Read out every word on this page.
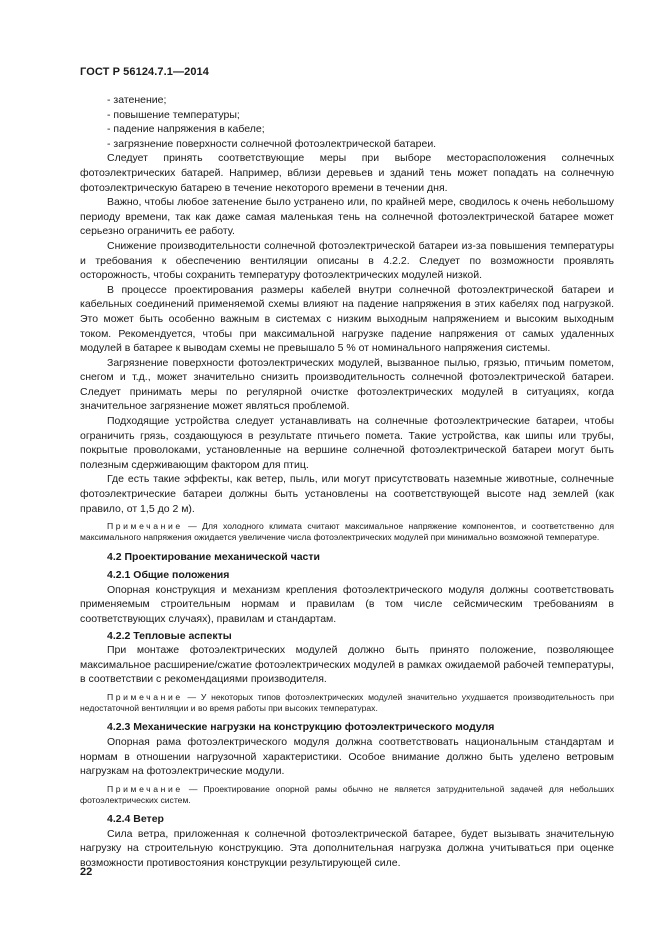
ГОСТ Р 56124.7.1—2014

- затенение;

- повышение температуры;

- падение напряжения в кабеле;

- загрязнение поверхности солнечной фотоэлектрической батареи.

Следует принять соответствующие меры при выборе месторасположения солнечных фотоэлектрических батарей. Например, вблизи деревьев и зданий тень может попадать на солнечную фотоэлектрическую батарею в течение некоторого времени в течении дня.

Важно, чтобы любое затенение было устранено или, по крайней мере, сводилось к очень небольшому периоду времени, так как даже самая маленькая тень на солнечной фотоэлектрической батарее может серьезно ограничить ее работу.

Снижение производительности солнечной фотоэлектрической батареи из-за повышения температуры и требования к обеспечению вентиляции описаны в 4.2.2. Следует по возможности проявлять осторожность, чтобы сохранить температуру фотоэлектрических модулей низкой.

В процессе проектирования размеры кабелей внутри солнечной фотоэлектрической батареи и кабельных соединений применяемой схемы влияют на падение напряжения в этих кабелях под нагрузкой. Это может быть особенно важным в системах с низким выходным напряжением и высоким выходным током. Рекомендуется, чтобы при максимальной нагрузке падение напряжения от самых удаленных модулей в батарее к выводам схемы не превышало 5 % от номинального напряжения системы.

Загрязнение поверхности фотоэлектрических модулей, вызванное пылью, грязью, птичьим пометом, снегом и т.д., может значительно снизить производительность солнечной фотоэлектрической батареи. Следует принимать меры по регулярной очистке фотоэлектрических модулей в ситуациях, когда значительное загрязнение может являться проблемой.

Подходящие устройства следует устанавливать на солнечные фотоэлектрические батареи, чтобы ограничить грязь, создающуюся в результате птичьего помета. Такие устройства, как шипы или трубы, покрытые проволоками, установленные на вершине солнечной фотоэлектрической батареи могут быть полезным сдерживающим фактором для птиц.

Где есть такие эффекты, как ветер, пыль, или могут присутствовать наземные животные, солнечные фотоэлектрические батареи должны быть установлены на соответствующей высоте над землей (как правило, от 1,5 до 2 м).

Примечание — Для холодного климата считают максимальное напряжение компонентов, и соответственно для максимального напряжения ожидается увеличение числа фотоэлектрических модулей при минимально возможной температуре.

4.2 Проектирование механической части

4.2.1 Общие положения

Опорная конструкция и механизм крепления фотоэлектрического модуля должны соответствовать применяемым строительным нормам и правилам (в том числе сейсмическим требованиям в соответствующих случаях), правилам и стандартам.

4.2.2 Тепловые аспекты

При монтаже фотоэлектрических модулей должно быть принято положение, позволяющее максимальное расширение/сжатие фотоэлектрических модулей в рамках ожидаемой рабочей температуры, в соответствии с рекомендациями производителя.

Примечание — У некоторых типов фотоэлектрических модулей значительно ухудшается производительность при недостаточной вентиляции и во время работы при высоких температурах.

4.2.3 Механические нагрузки на конструкцию фотоэлектрического модуля

Опорная рама фотоэлектрического модуля должна соответствовать национальным стандартам и нормам в отношении нагрузочной характеристики. Особое внимание должно быть уделено ветровым нагрузкам на фотоэлектрические модули.

Примечание — Проектирование опорной рамы обычно не является затруднительной задачей для небольших фотоэлектрических систем.

4.2.4 Ветер

Сила ветра, приложенная к солнечной фотоэлектрической батарее, будет вызывать значительную нагрузку на строительную конструкцию. Эта дополнительная нагрузка должна учитываться при оценке возможности противостояния конструкции результирующей силе.

22
